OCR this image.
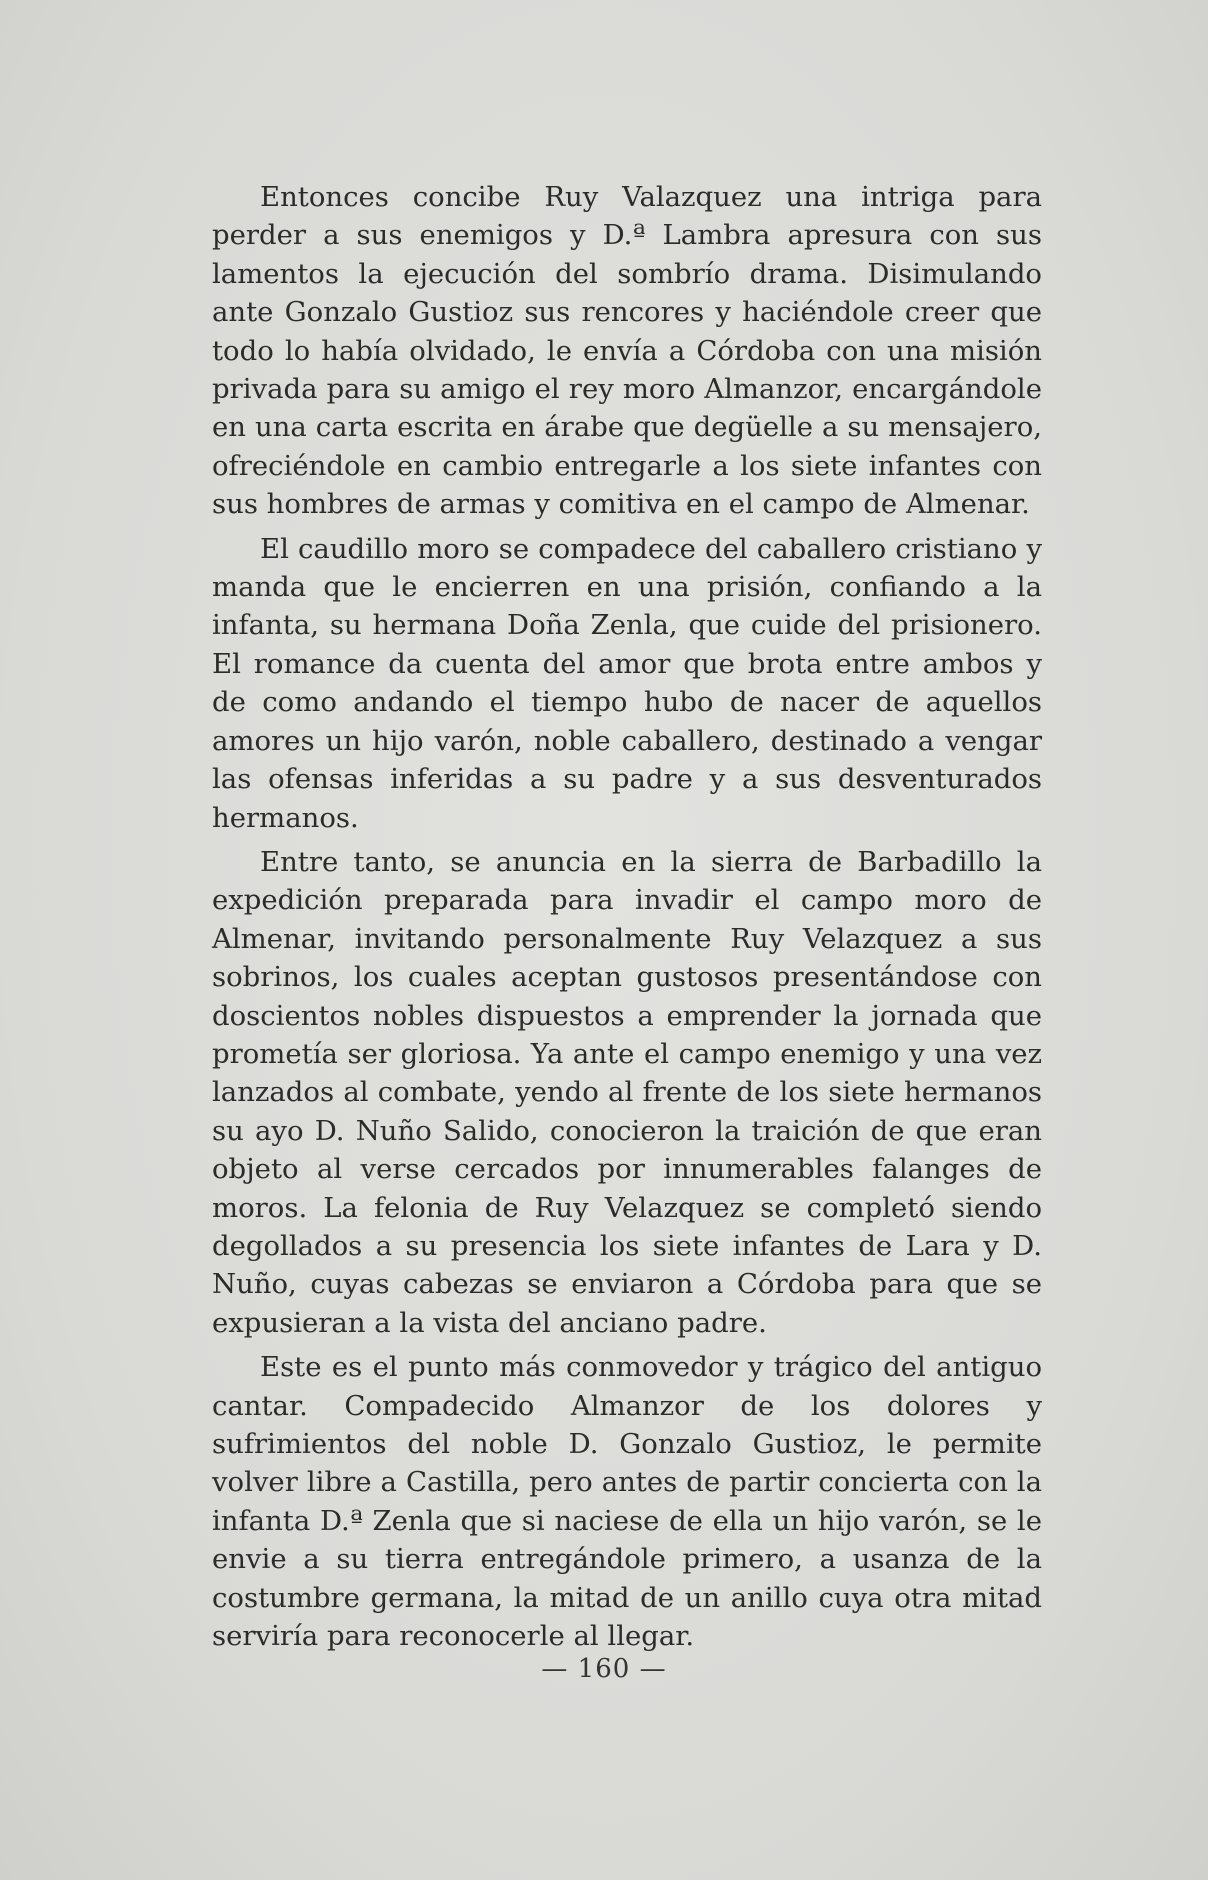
Entonces concibe Ruy Valazquez una intriga para perder a sus enemigos y D.ª Lambra apresura con sus lamentos la ejecución del sombrío drama. Disimulando ante Gonzalo Gustioz sus rencores y haciéndole creer que todo lo había olvidado, le envía a Córdoba con una misión privada para su amigo el rey moro Almanzor, encargándole en una carta escrita en árabe que degüelle a su mensajero, ofreciéndole en cambio entregarle a los siete infantes con sus hombres de armas y comitiva en el campo de Almenar.

El caudillo moro se compadece del caballero cristiano y manda que le encierren en una prisión, confiando a la infanta, su hermana Doña Zenla, que cuide del prisionero. El romance da cuenta del amor que brota entre ambos y de como andando el tiempo hubo de nacer de aquellos amores un hijo varón, noble caballero, destinado a vengar las ofensas inferidas a su padre y a sus desventurados hermanos.

Entre tanto, se anuncia en la sierra de Barbadillo la expedición preparada para invadir el campo moro de Almenar, invitando personalmente Ruy Velazquez a sus sobrinos, los cuales aceptan gustosos presentándose con doscientos nobles dispuestos a emprender la jornada que prometía ser gloriosa. Ya ante el campo enemigo y una vez lanzados al combate, yendo al frente de los siete hermanos su ayo D. Nuño Salido, conocieron la traición de que eran objeto al verse cercados por innumerables falanges de moros. La felonia de Ruy Velazquez se completó siendo degollados a su presencia los siete infantes de Lara y D. Nuño, cuyas cabezas se enviaron a Córdoba para que se expusieran a la vista del anciano padre.

Este es el punto más conmovedor y trágico del antiguo cantar. Compadecido Almanzor de los dolores y sufrimientos del noble D. Gonzalo Gustioz, le permite volver libre a Castilla, pero antes de partir concierta con la infanta D.ª Zenla que si naciese de ella un hijo varón, se le envie a su tierra entregándole primero, a usanza de la costumbre germana, la mitad de un anillo cuya otra mitad serviría para reconocerle al llegar.

— 160 —
